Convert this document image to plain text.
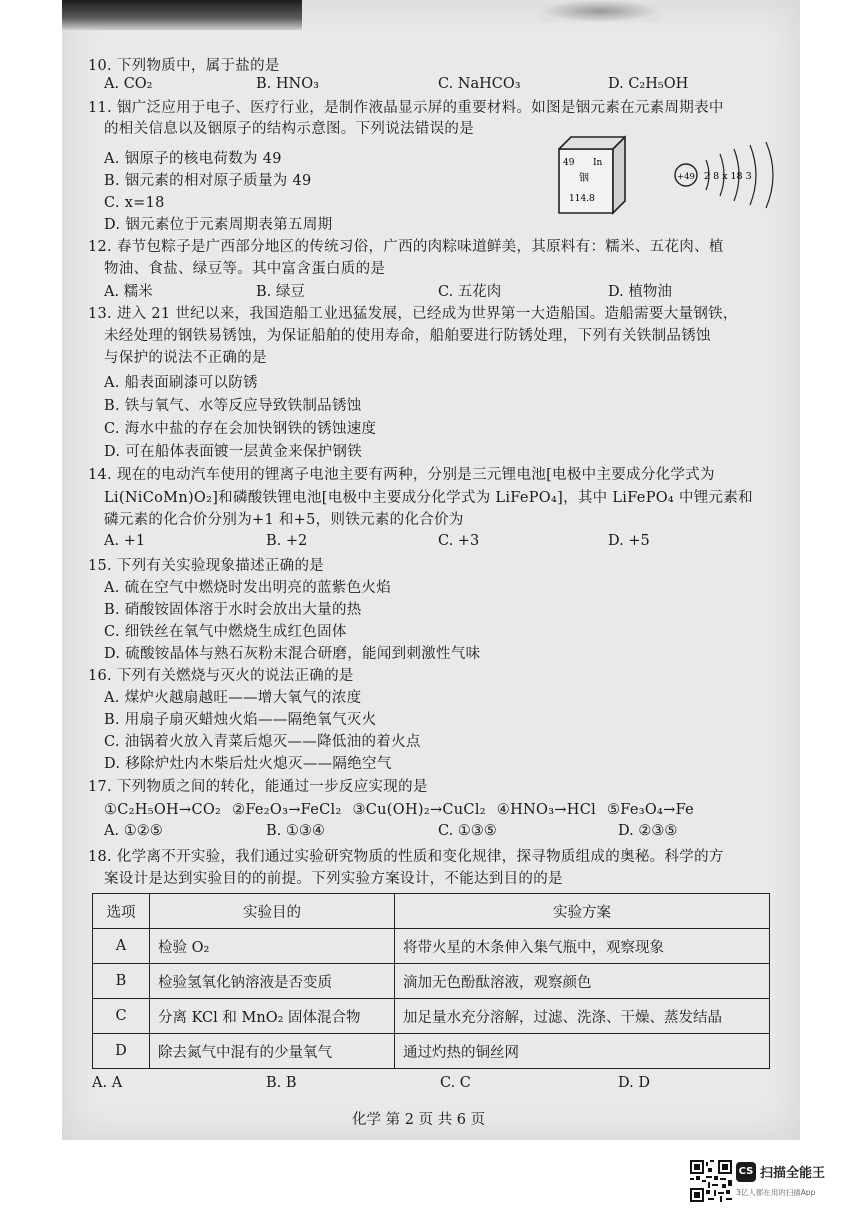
10. 下列物质中，属于盐的是
A. CO₂	B. HNO₃	C. NaHCO₃	D. C₂H₅OH
11. 铟广泛应用于电子、医疗行业，是制作液晶显示屏的重要材料。如图是铟元素在元素周期表中
的相关信息以及铟原子的结构示意图。下列说法错误的是
A. 铟原子的核电荷数为 49
B. 铟元素的相对原子质量为 49
C. x=18
D. 铟元素位于元素周期表第五周期
49 In
铟
114.8
+49 2 8 x 18 3
12. 春节包粽子是广西部分地区的传统习俗，广西的肉粽味道鲜美，其原料有：糯米、五花肉、植
物油、食盐、绿豆等。其中富含蛋白质的是
A. 糯米	B. 绿豆	C. 五花肉	D. 植物油
13. 进入 21 世纪以来，我国造船工业迅猛发展，已经成为世界第一大造船国。造船需要大量钢铁，
未经处理的钢铁易锈蚀，为保证船舶的使用寿命，船舶要进行防锈处理，下列有关铁制品锈蚀
与保护的说法不正确的是
A. 船表面刷漆可以防锈
B. 铁与氧气、水等反应导致铁制品锈蚀
C. 海水中盐的存在会加快钢铁的锈蚀速度
D. 可在船体表面镀一层黄金来保护钢铁
14. 现在的电动汽车使用的锂离子电池主要有两种，分别是三元锂电池[电极中主要成分化学式为
Li(NiCoMn)O₂]和磷酸铁锂电池[电极中主要成分化学式为 LiFePO₄]，其中 LiFePO₄ 中锂元素和
磷元素的化合价分别为+1 和+5，则铁元素的化合价为
A. +1	B. +2	C. +3	D. +5
15. 下列有关实验现象描述正确的是
A. 硫在空气中燃烧时发出明亮的蓝紫色火焰
B. 硝酸铵固体溶于水时会放出大量的热
C. 细铁丝在氧气中燃烧生成红色固体
D. 硫酸铵晶体与熟石灰粉末混合研磨，能闻到刺激性气味
16. 下列有关燃烧与灭火的说法正确的是
A. 煤炉火越扇越旺——增大氧气的浓度
B. 用扇子扇灭蜡烛火焰——隔绝氧气灭火
C. 油锅着火放入青菜后熄灭——降低油的着火点
D. 移除炉灶内木柴后灶火熄灭——隔绝空气
17. 下列物质之间的转化，能通过一步反应实现的是
①C₂H₅OH→CO₂ ②Fe₂O₃→FeCl₂ ③Cu(OH)₂→CuCl₂ ④HNO₃→HCl ⑤Fe₃O₄→Fe
A. ①②⑤	B. ①③④	C. ①③⑤	D. ②③⑤
18. 化学离不开实验，我们通过实验研究物质的性质和变化规律，探寻物质组成的奥秘。科学的方
案设计是达到实验目的的前提。下列实验方案设计，不能达到目的的是
选项	实验目的	实验方案
A	检验 O₂	将带火星的木条伸入集气瓶中，观察现象
B	检验氢氧化钠溶液是否变质	滴加无色酚酞溶液，观察颜色
C	分离 KCl 和 MnO₂ 固体混合物	加足量水充分溶解，过滤、洗涤、干燥、蒸发结晶
D	除去氮气中混有的少量氧气	通过灼热的铜丝网
A. A	B. B	C. C	D. D
化学 第 2 页 共 6 页
CS 扫描全能王
3亿人都在用的扫描App
